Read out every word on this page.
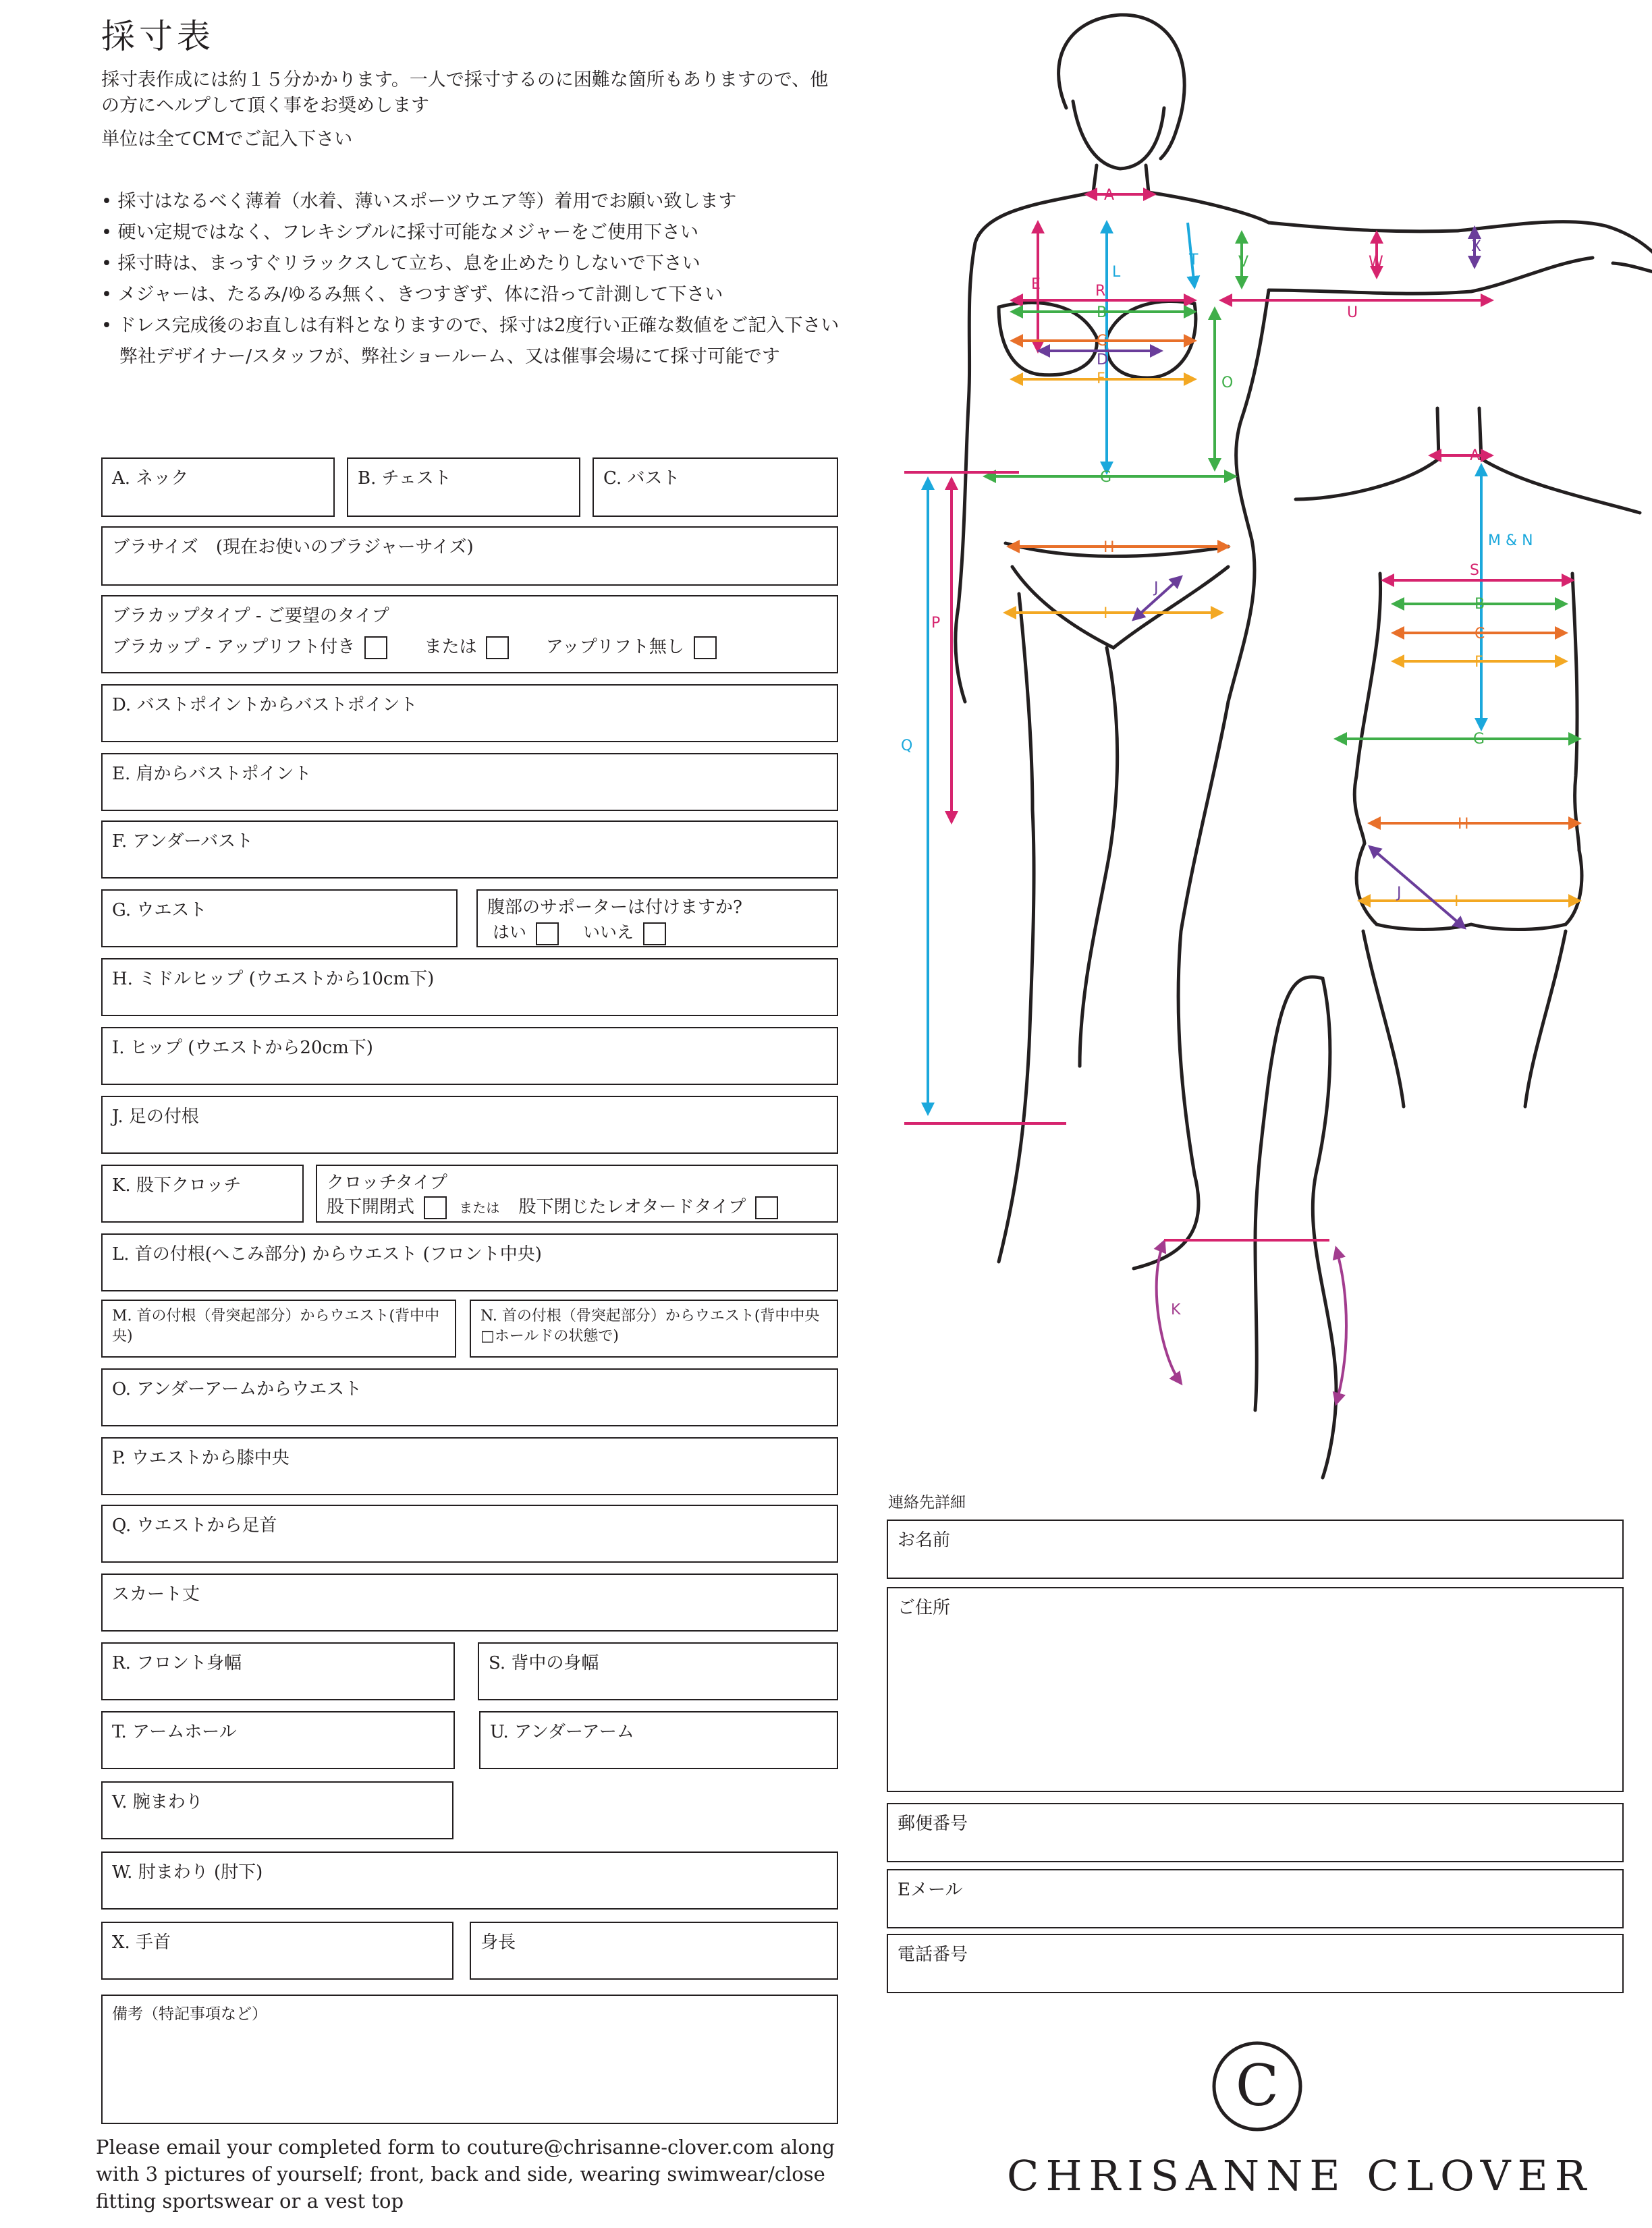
採寸表
採寸表作成には約１５分かかります。一人で採寸するのに困難な箇所もありますので、他の方にヘルプして頂く事をお奨めします
単位は全てCMでご記入下さい
• 採寸はなるべく薄着（水着、薄いスポーツウエア等）着用でお願い致します
• 硬い定規ではなく、フレキシブルに採寸可能なメジャーをご使用下さい
• 採寸時は、まっすぐリラックスして立ち、息を止めたりしないで下さい
• メジャーは、たるみ/ゆるみ無く、きつすぎず、体に沿って計測して下さい
• ドレス完成後のお直しは有料となりますので、採寸は2度行い正確な数値をご記入下さい
　弊社デザイナー/スタッフが、弊社ショールーム、又は催事会場にて採寸可能です
A. ネック	B. チェスト	C. バスト
ブラサイズ　(現在お使いのブラジャーサイズ)
ブラカップタイプ - ご要望のタイプ
ブラカップ - アップリフト付き	または	アップリフト無し
D. バストポイントからバストポイント
E. 肩からバストポイント
F. アンダーバスト
G. ウエスト	腹部のサポーターは付けますか?
はい	いいえ
H. ミドルヒップ (ウエストから10cm下)
I. ヒップ (ウエストから20cm下)
J. 足の付根
K. 股下クロッチ	クロッチタイプ
股下開閉式	または 股下閉じたレオタードタイプ
L. 首の付根(へこみ部分) からウエスト (フロント中央)
M. 首の付根（骨突起部分）からウエスト(背中中央)
N. 首の付根（骨突起部分）からウエスト(背中中央□ホールドの状態で)
O. アンダーアームからウエスト
P. ウエストから膝中央
Q. ウエストから足首
スカート丈
R. フロント身幅	S. 背中の身幅
T. アームホール	U. アンダーアーム
V. 腕まわり
W. 肘まわり (肘下)
X. 手首	身長
備考（特記事項など）
Please email your completed form to couture@chrisanne-clover.com along with 3 pictures of yourself; front, back and side, wearing swimwear/close fitting sportswear or a vest top
連絡先詳細
お名前
ご住所
郵便番号
Eメール
電話番号
C
CHRISANNE CLOVER
A
E
L
R
B
C
D
F
G
O
H
I
J
P
Q
T	V
U
W
X
A
M & N
S
B
C
F
G
H
I
J
K
